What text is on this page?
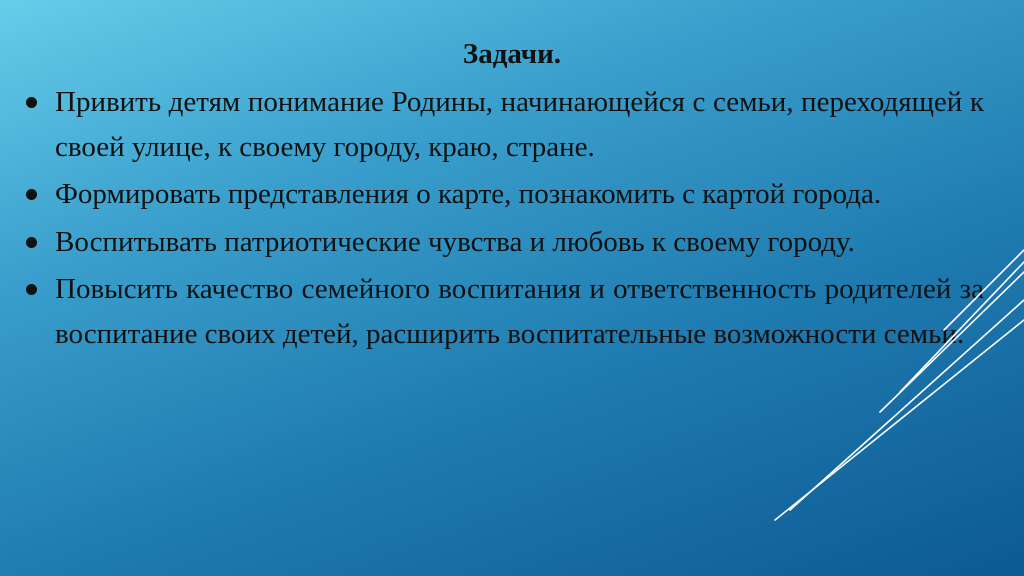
Задачи.
Привить детям понимание Родины, начинающейся с семьи, переходящей к своей улице, к своему городу, краю, стране.
Формировать представления о карте, познакомить с картой города.
Воспитывать патриотические чувства и любовь к своему городу.
Повысить качество семейного воспитания и ответственность родителей за воспитание своих детей, расширить воспитательные возможности семьи.
